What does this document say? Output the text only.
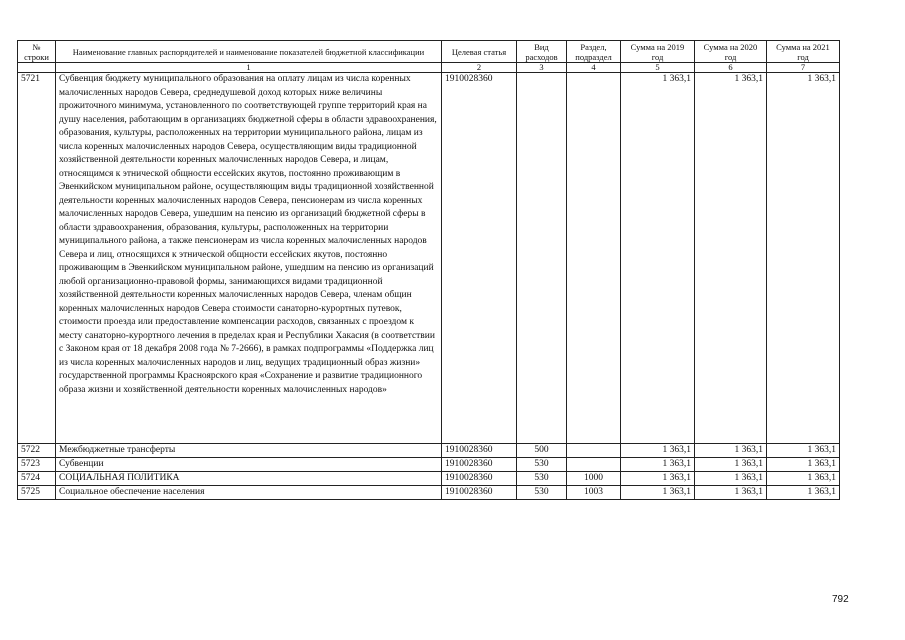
№ строки	Наименование главных распорядителей и наименование показателей бюджетной классификации	Целевая статья	Вид расходов	Раздел, подраздел	Сумма на 2019 год	Сумма на 2020 год	Сумма на 2021 год
	1	2	3	4	5	6	7
5721	Субвенция бюджету муниципального образования на оплату лицам из числа коренных малочисленных народов Севера, среднедушевой доход которых ниже величины прожиточного минимума, установленного по соответствующей группе территорий края на душу населения, работающим в организациях бюджетной сферы в области здравоохранения, образования, культуры, расположенных на территории муниципального района, лицам из числа коренных малочисленных народов Севера, осуществляющим виды традиционной хозяйственной деятельности коренных малочисленных народов Севера, и лицам, относящимся к этнической общности ессейских якутов, постоянно проживающим в Эвенкийском муниципальном районе, осуществляющим виды традиционной хозяйственной деятельности коренных малочисленных народов Севера, пенсионерам из числа коренных малочисленных народов Севера, ушедшим на пенсию из организаций бюджетной сферы в области здравоохранения, образования, культуры, расположенных на территории муниципального района, а также пенсионерам из числа коренных малочисленных народов Севера и лиц, относящихся к этнической общности ессейских якутов, постоянно проживающим в Эвенкийском муниципальном районе, ушедшим на пенсию из организаций любой организационно-правовой формы, занимающихся видами традиционной хозяйственной деятельности коренных малочисленных народов Севера, членам общин коренных малочисленных народов Севера стоимости санаторно-курортных путевок, стоимости проезда или предоставление компенсации расходов, связанных с проездом к месту санаторно-курортного лечения в пределах края и Республики Хакасия (в соответствии с Законом края от 18 декабря 2008 года № 7-2666), в рамках подпрограммы «Поддержка лиц из числа коренных малочисленных народов и лиц, ведущих традиционный образ жизни» государственной программы Красноярского края «Сохранение и развитие традиционного образа жизни и хозяйственной деятельности коренных малочисленных народов»	1910028360			1 363,1	1 363,1	1 363,1
5722	Межбюджетные трансферты	1910028360	500		1 363,1	1 363,1	1 363,1
5723	Субвенции	1910028360	530		1 363,1	1 363,1	1 363,1
5724	СОЦИАЛЬНАЯ ПОЛИТИКА	1910028360	530	1000	1 363,1	1 363,1	1 363,1
5725	Социальное обеспечение населения	1910028360	530	1003	1 363,1	1 363,1	1 363,1
792
